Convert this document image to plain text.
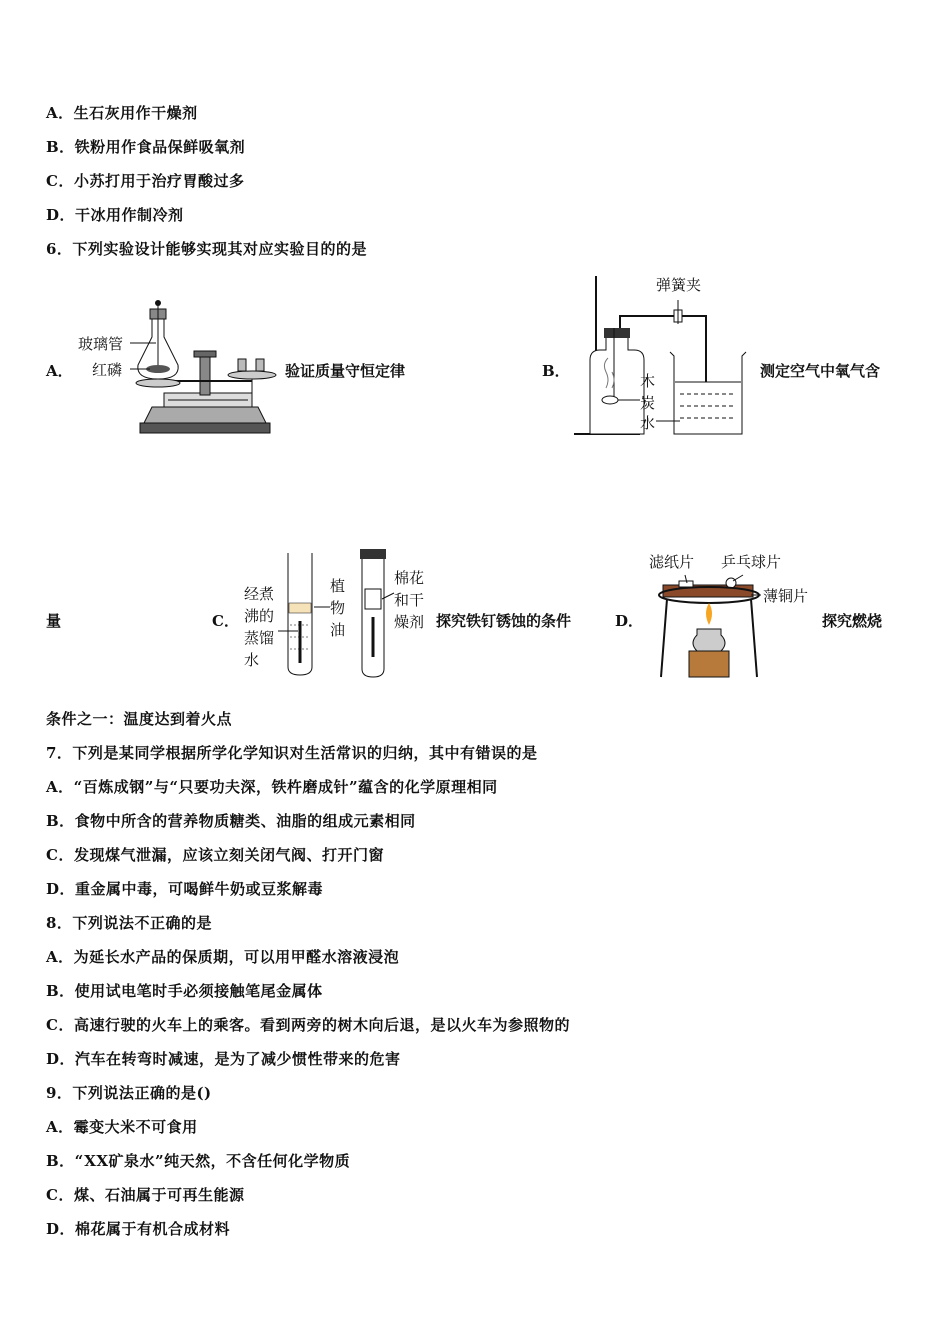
A．生石灰用作干燥剂
B．铁粉用作食品保鲜吸氧剂
C．小苏打用于治疗胃酸过多
D．干冰用作制冷剂
6．下列实验设计能够实现其对应实验目的的是
A．
玻璃管
红磷	验证质量守恒定律	B．
弹簧夹
木
炭
水
测定空气中氧气含
量	C．
经煮
沸的
蒸馏
水
植
物
油
棉花
和干
燥剂 探究铁钉锈蚀的条件	D．
滤纸片 乒乓球片
薄铜片
探究燃烧
条件之一：温度达到着火点
7．下列是某同学根据所学化学知识对生活常识的归纳，其中有错误的是
A．“百炼成钢”与“只要功夫深，铁杵磨成针”蕴含的化学原理相同
B．食物中所含的营养物质糖类、油脂的组成元素相同
C．发现煤气泄漏，应该立刻关闭气阀、打开门窗
D．重金属中毒，可喝鲜牛奶或豆浆解毒
8．下列说法不正确的是
A．为延长水产品的保质期，可以用甲醛水溶液浸泡
B．使用试电笔时手必须接触笔尾金属体
C．高速行驶的火车上的乘客。看到两旁的树木向后退，是以火车为参照物的
D．汽车在转弯时减速，是为了减少惯性带来的危害
9．下列说法正确的是()
A．霉变大米不可食用
B．“XX矿泉水”纯天然，不含任何化学物质
C．煤、石油属于可再生能源
D．棉花属于有机合成材料
